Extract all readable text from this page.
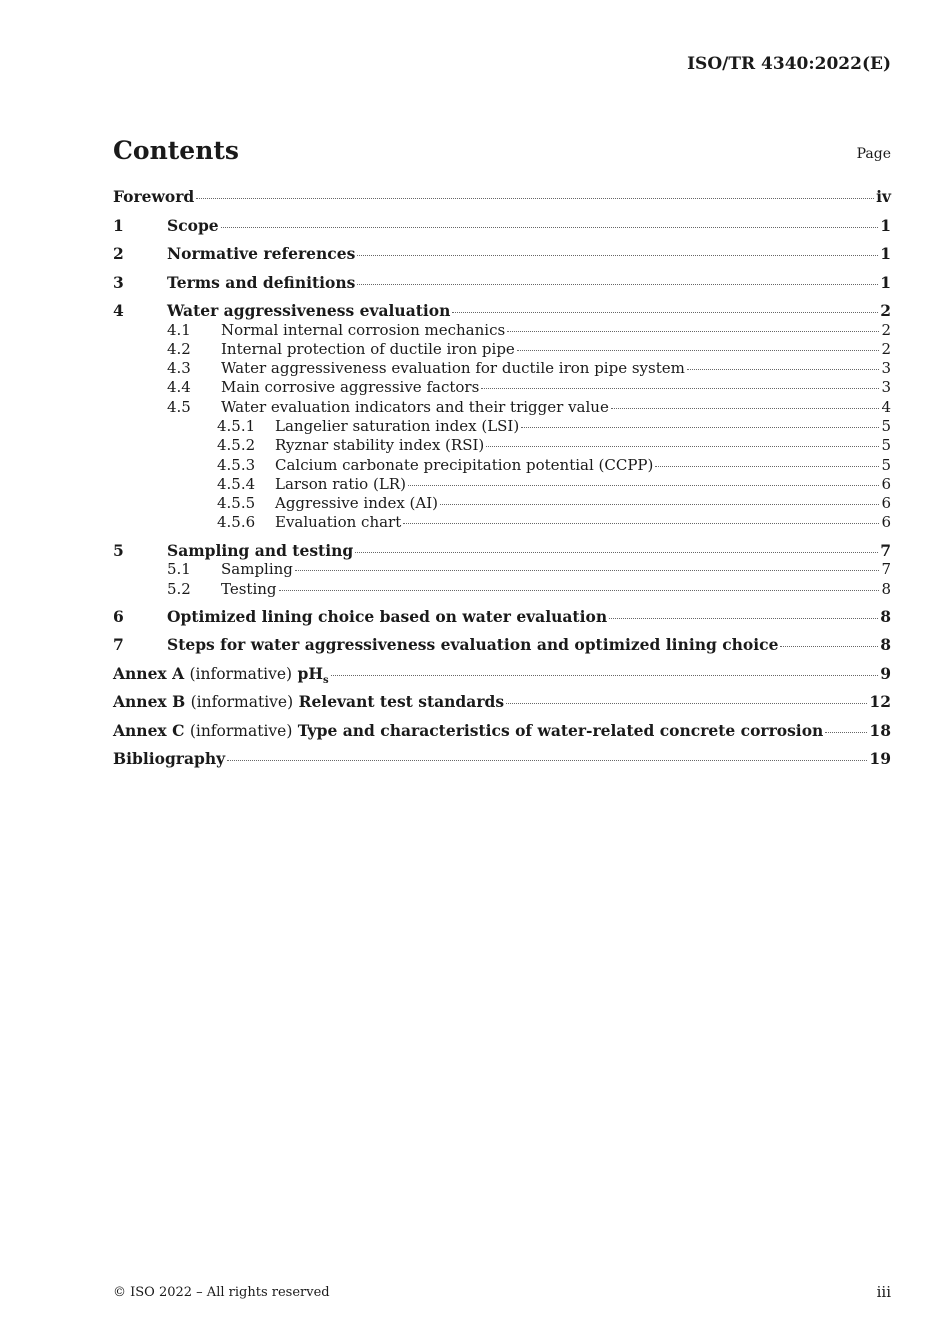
ISO/TR 4340:2022(E)
Contents	Page
Foreword	iv
1	Scope	1
2	Normative references	1
3	Terms and definitions	1
4	Water aggressiveness evaluation	2
4.1	Normal internal corrosion mechanics	2
4.2	Internal protection of ductile iron pipe	2
4.3	Water aggressiveness evaluation for ductile iron pipe system	3
4.4	Main corrosive aggressive factors	3
4.5	Water evaluation indicators and their trigger value	4
4.5.1	Langelier saturation index (LSI)	5
4.5.2	Ryznar stability index (RSI)	5
4.5.3	Calcium carbonate precipitation potential (CCPP)	5
4.5.4	Larson ratio (LR)	6
4.5.5	Aggressive index (AI)	6
4.5.6	Evaluation chart	6
5	Sampling and testing	7
5.1	Sampling	7
5.2	Testing	8
6	Optimized lining choice based on water evaluation	8
7	Steps for water aggressiveness evaluation and optimized lining choice	8
Annex A (informative) $pH_s$	9
Annex B (informative) Relevant test standards	12
Annex C (informative) Type and characteristics of water-related concrete corrosion	18
Bibliography	19
© ISO 2022 – All rights reserved	iii
